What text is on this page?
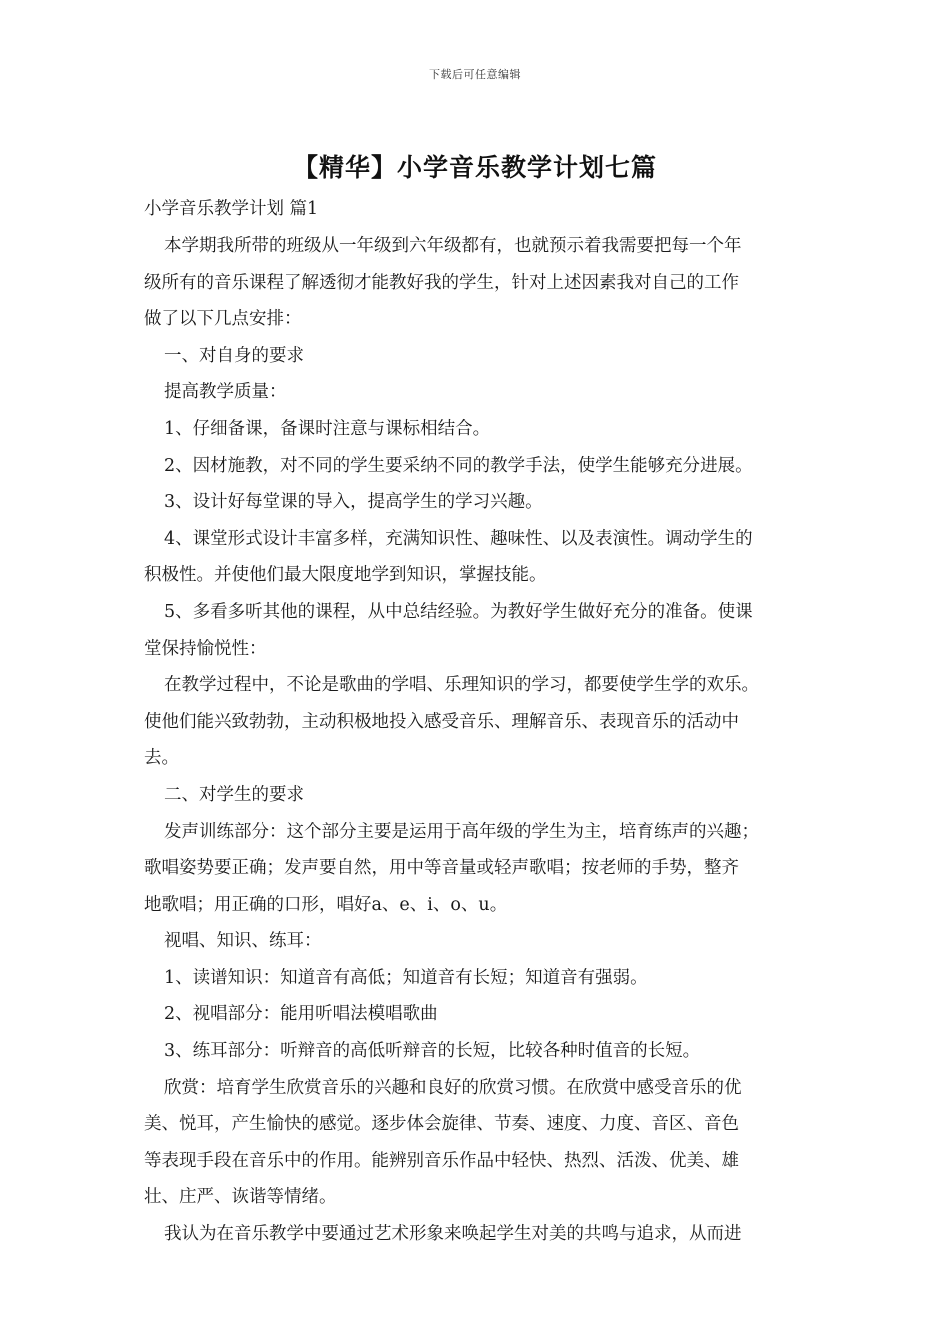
下载后可任意编辑
【精华】小学音乐教学计划七篇
小学音乐教学计划 篇1
本学期我所带的班级从一年级到六年级都有，也就预示着我需要把每一个年
级所有的音乐课程了解透彻才能教好我的学生，针对上述因素我对自己的工作
做了以下几点安排：
一、对自身的要求
提高教学质量：
1、仔细备课，备课时注意与课标相结合。
2、因材施教，对不同的学生要采纳不同的教学手法，使学生能够充分进展。
3、设计好每堂课的导入，提高学生的学习兴趣。
4、课堂形式设计丰富多样，充满知识性、趣味性、以及表演性。调动学生的
积极性。并使他们最大限度地学到知识，掌握技能。
5、多看多听其他的课程，从中总结经验。为教好学生做好充分的准备。使课
堂保持愉悦性：
在教学过程中，不论是歌曲的学唱、乐理知识的学习，都要使学生学的欢乐。
使他们能兴致勃勃，主动积极地投入感受音乐、理解音乐、表现音乐的活动中
去。
二、对学生的要求
发声训练部分：这个部分主要是运用于高年级的学生为主，培育练声的兴趣；
歌唱姿势要正确；发声要自然，用中等音量或轻声歌唱；按老师的手势，整齐
地歌唱；用正确的口形，唱好a、e、i、o、u。
视唱、知识、练耳：
1、读谱知识：知道音有高低；知道音有长短；知道音有强弱。
2、视唱部分：能用听唱法模唱歌曲
3、练耳部分：听辩音的高低听辩音的长短，比较各种时值音的长短。
欣赏：培育学生欣赏音乐的兴趣和良好的欣赏习惯。在欣赏中感受音乐的优
美、悦耳，产生愉快的感觉。逐步体会旋律、节奏、速度、力度、音区、音色
等表现手段在音乐中的作用。能辨别音乐作品中轻快、热烈、活泼、优美、雄
壮、庄严、诙谐等情绪。
我认为在音乐教学中要通过艺术形象来唤起学生对美的共鸣与追求，从而进
